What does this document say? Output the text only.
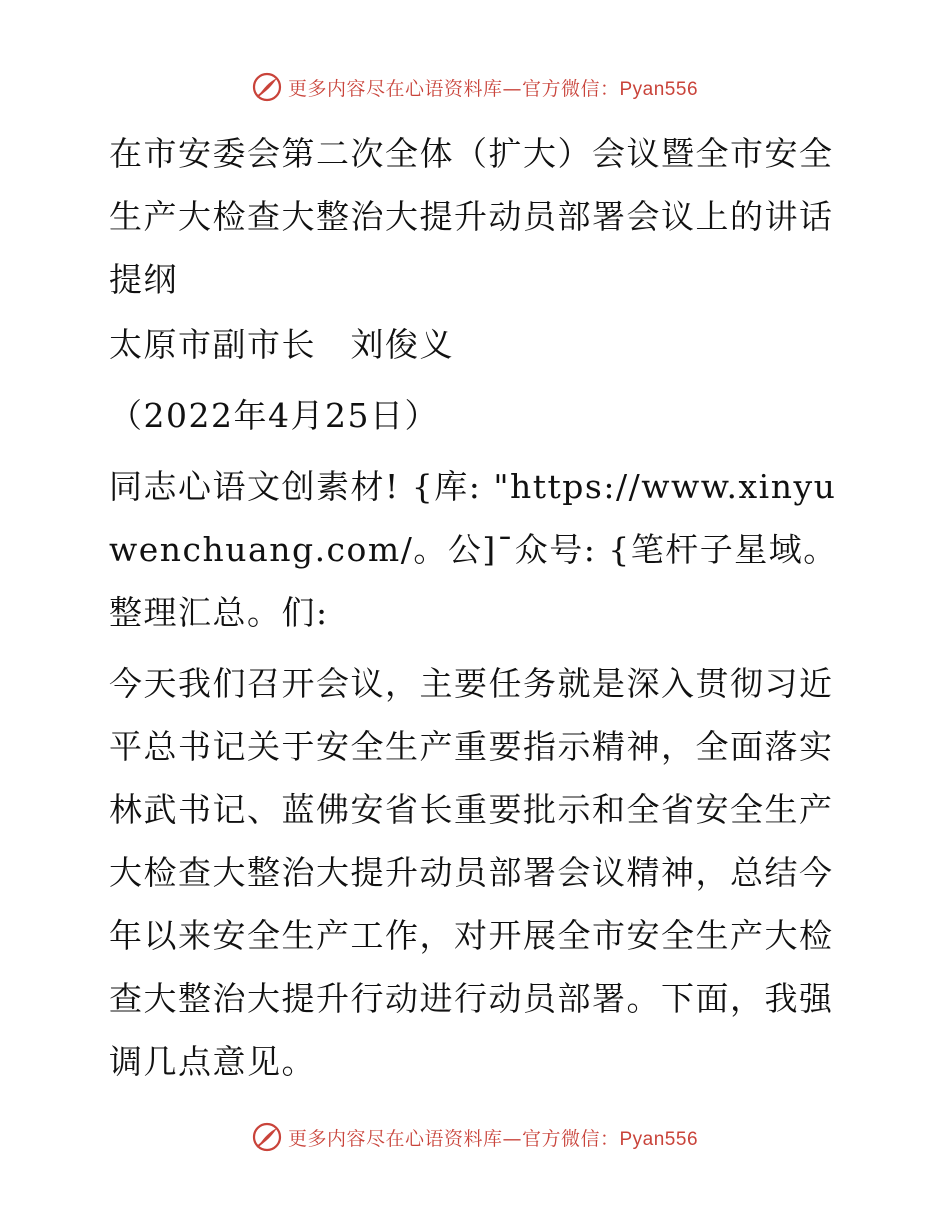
更多内容尽在心语资料库—官方微信：Pyan556

在市安委会第二次全体（扩大）会议暨全市安全生产大检查大整治大提升动员部署会议上的讲话提纲

太原市副市长　刘俊义

（2022年4月25日）

同志心语文创素材! {库: "https://www.xinyuwenchuang.com/。公]¯众号: {笔杆子星域。整理汇总。们:

今天我们召开会议，主要任务就是深入贯彻习近平总书记关于安全生产重要指示精神，全面落实林武书记、蓝佛安省长重要批示和全省安全生产大检查大整治大提升动员部署会议精神，总结今年以来安全生产工作，对开展全市安全生产大检查大整治大提升行动进行动员部署。下面，我强调几点意见。

更多内容尽在心语资料库—官方微信：Pyan556
